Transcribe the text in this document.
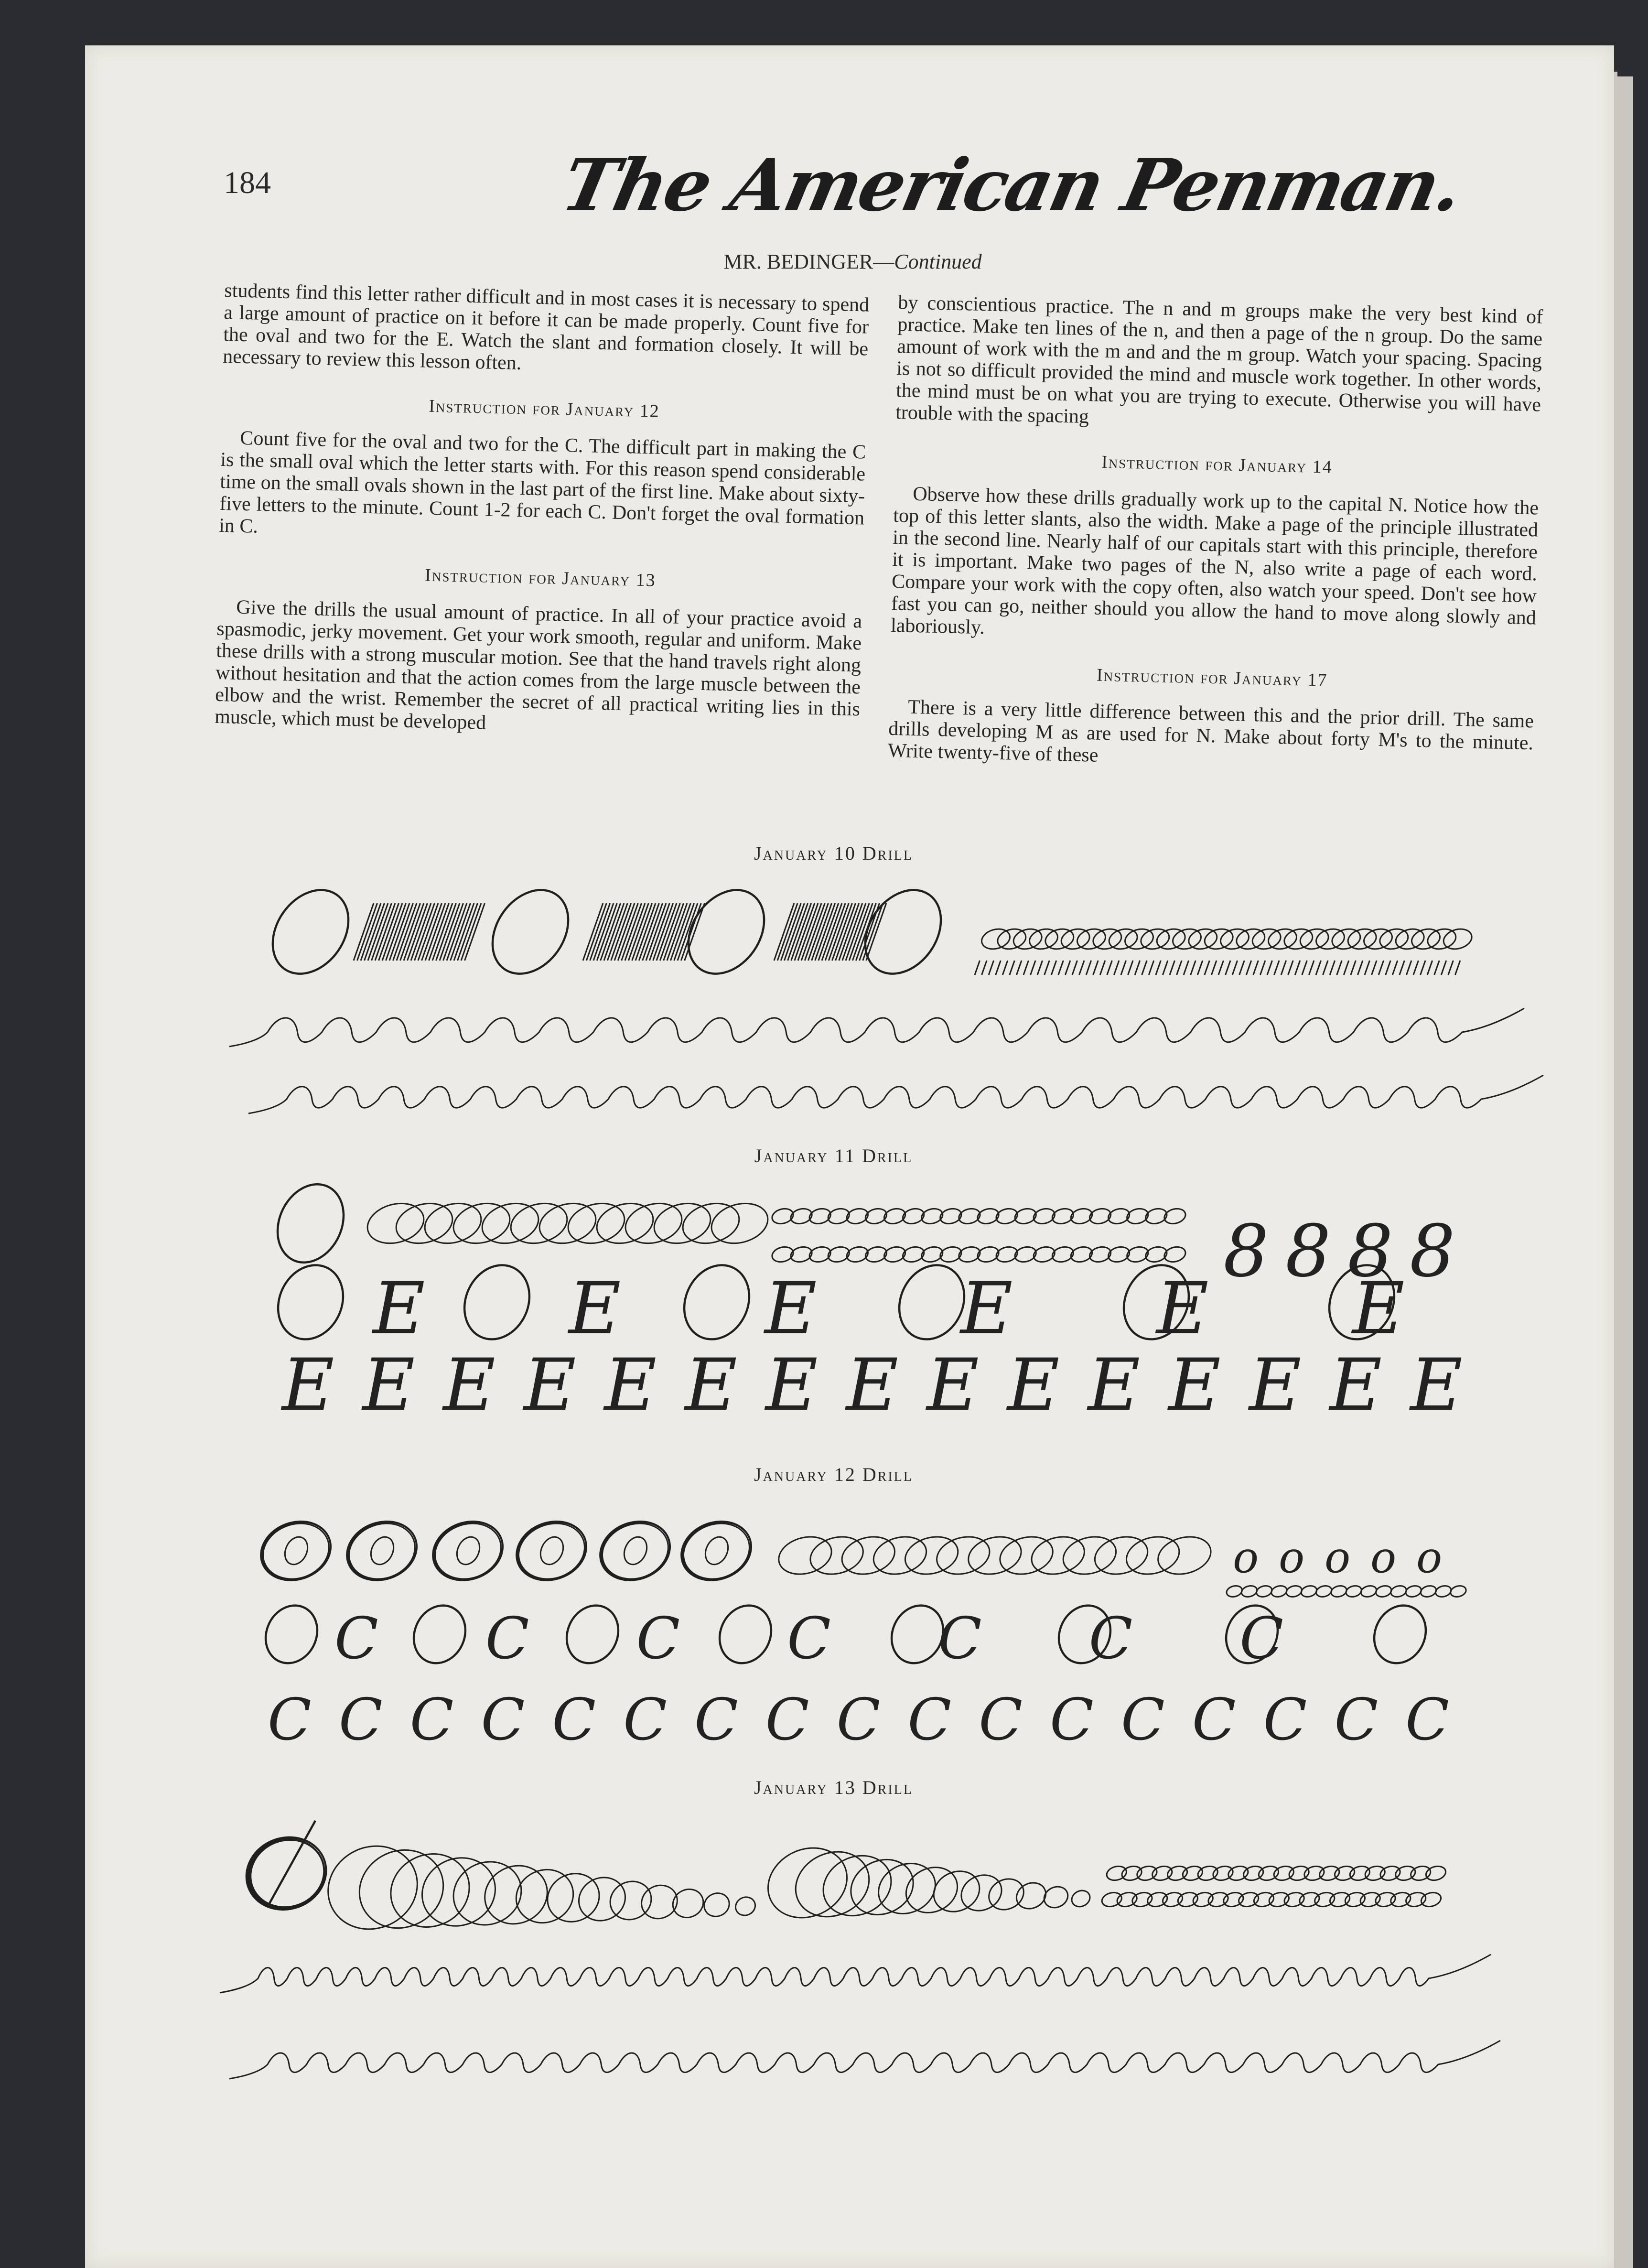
184	The American Penman.
MR. BEDINGER—Continued

students find this letter rather difficult and in most cases it is necessary to spend a large amount of practice on it before it can be made properly. Count five for the oval and two for the E. Watch the slant and formation closely. It will be necessary to review this lesson often.

Instruction for January 12

Count five for the oval and two for the C. The difficult part in making the C is the small oval which the letter starts with. For this reason spend considerable time on the small ovals shown in the last part of the first line. Make about sixty-five letters to the minute. Count 1-2 for each C. Don't forget the oval formation in C.

Instruction for January 13

Give the drills the usual amount of practice. In all of your practice avoid a spasmodic, jerky movement. Get your work smooth, regular and uniform. Make these drills with a strong muscular motion. See that the hand travels right along without hesitation and that the action comes from the large muscle between the elbow and the wrist. Remember the secret of all practical writing lies in this muscle, which must be developed

by conscientious practice. The n and m groups make the very best kind of practice. Make ten lines of the n, and then a page of the n group. Do the same amount of work with the m and and the m group. Watch your spacing. Spacing is not so difficult provided the mind and muscle work together. In other words, the mind must be on what you are trying to execute. Otherwise you will have trouble with the spacing

Instruction for January 14

Observe how these drills gradually work up to the capital N. Notice how the top of this letter slants, also the width. Make a page of the principle illustrated in the second line. Nearly half of our capitals start with this principle, therefore it is important. Make two pages of the N, also write a page of each word. Compare your work with the copy often, also watch your speed. Don't see how fast you can go, neither should you allow the hand to move along slowly and laboriously.

Instruction for January 17

There is a very little difference between this and the prior drill. The same drills developing M as are used for N. Make about forty M's to the minute. Write twenty-five of these

January 10 Drill
January 11 Drill
January 12 Drill
January 13 Drill
8 8 8 8
E E E E E E
E E E E E E E E E E E E E E E
o o o o o
C C C C C C C
C C C C C C C C C C C C C C C C C
